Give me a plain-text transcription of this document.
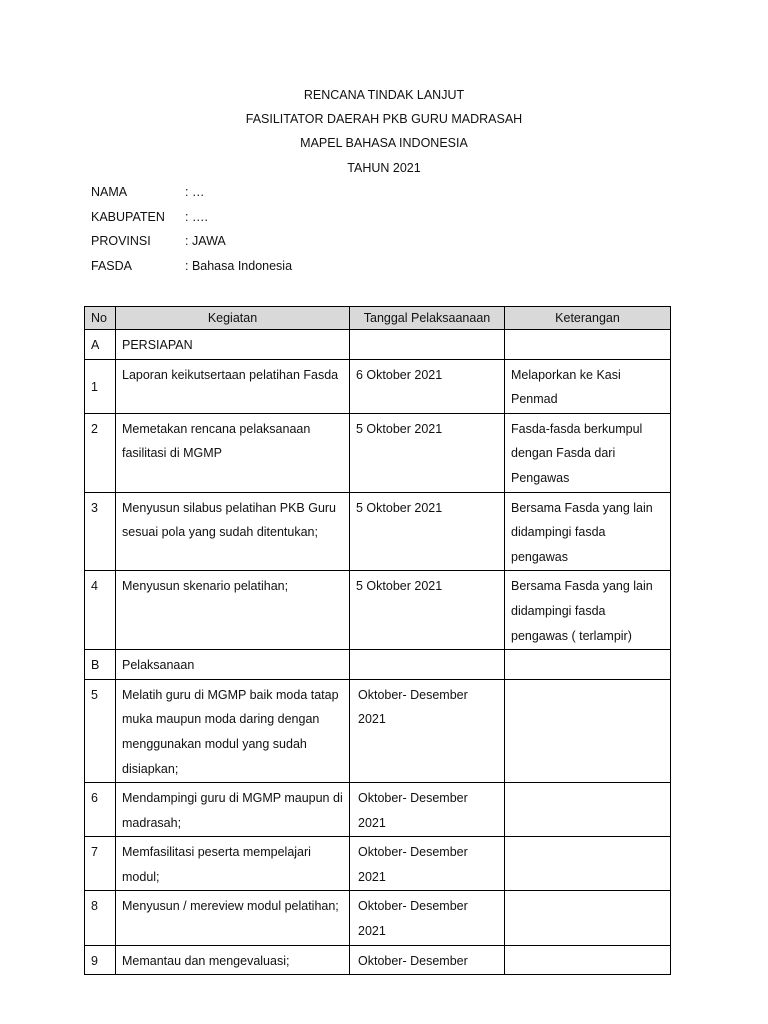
RENCANA TINDAK LANJUT
FASILITATOR DAERAH PKB GURU MADRASAH
MAPEL BAHASA INDONESIA
TAHUN 2021
NAMA	: …
KABUPATEN : ….
PROVINSI	: JAWA
FASDA	: Bahasa Indonesia
No	Kegiatan	Tanggal Pelaksaanaan	Keterangan
A	PERSIAPAN		
1	Laporan keikutsertaan pelatihan Fasda	6 Oktober 2021	Melaporkan ke Kasi Penmad
2	Memetakan rencana pelaksanaan fasilitasi di MGMP	5 Oktober 2021	Fasda-fasda berkumpul dengan Fasda dari Pengawas
3	Menyusun silabus pelatihan PKB Guru sesuai pola yang sudah ditentukan;	5 Oktober 2021	Bersama Fasda yang lain didampingi fasda pengawas
4	Menyusun skenario pelatihan;	5 Oktober 2021	Bersama Fasda yang lain didampingi fasda pengawas ( terlampir)
B	Pelaksanaan		
5	Melatih guru di MGMP baik moda tatap muka maupun moda daring dengan menggunakan modul yang sudah disiapkan;	Oktober- Desember 2021	
6	Mendampingi guru di MGMP maupun di madrasah;	Oktober- Desember 2021	
7	Memfasilitasi peserta mempelajari modul;	Oktober- Desember 2021	
8	Menyusun / mereview modul pelatihan;	Oktober- Desember 2021	
9	Memantau dan mengevaluasi;	Oktober- Desember	
